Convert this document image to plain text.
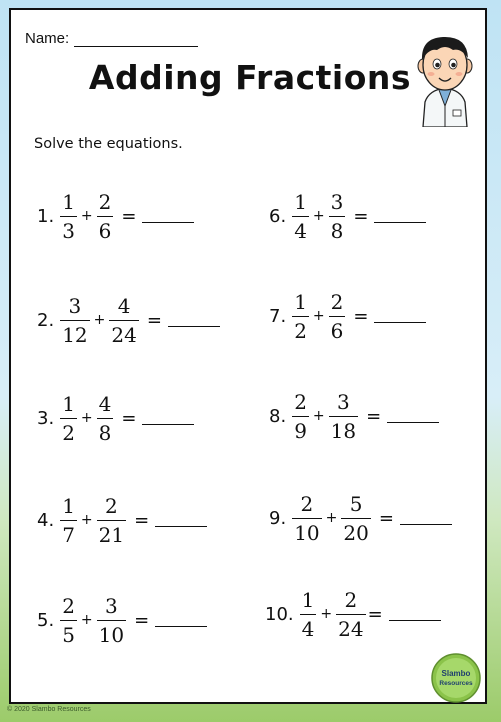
Name:
Adding Fractions
Solve the equations.
1. $\frac{1}{3} + \frac{2}{6}$ =
2. $\frac{3}{12} + \frac{4}{24}$ =
3. $\frac{1}{2} + \frac{4}{8}$ =
4. $\frac{1}{7} + \frac{2}{21}$ =
5. $\frac{2}{5} + \frac{3}{10}$ =
6. $\frac{1}{4} + \frac{3}{8}$ =
7. $\frac{1}{2} + \frac{2}{6}$ =
8. $\frac{2}{9} + \frac{3}{18}$ =
9. $\frac{2}{10} + \frac{5}{20}$ =
10. $\frac{1}{4} + \frac{2}{24}$ =
Slambo
Resources
© 2020 Slambo Resources
